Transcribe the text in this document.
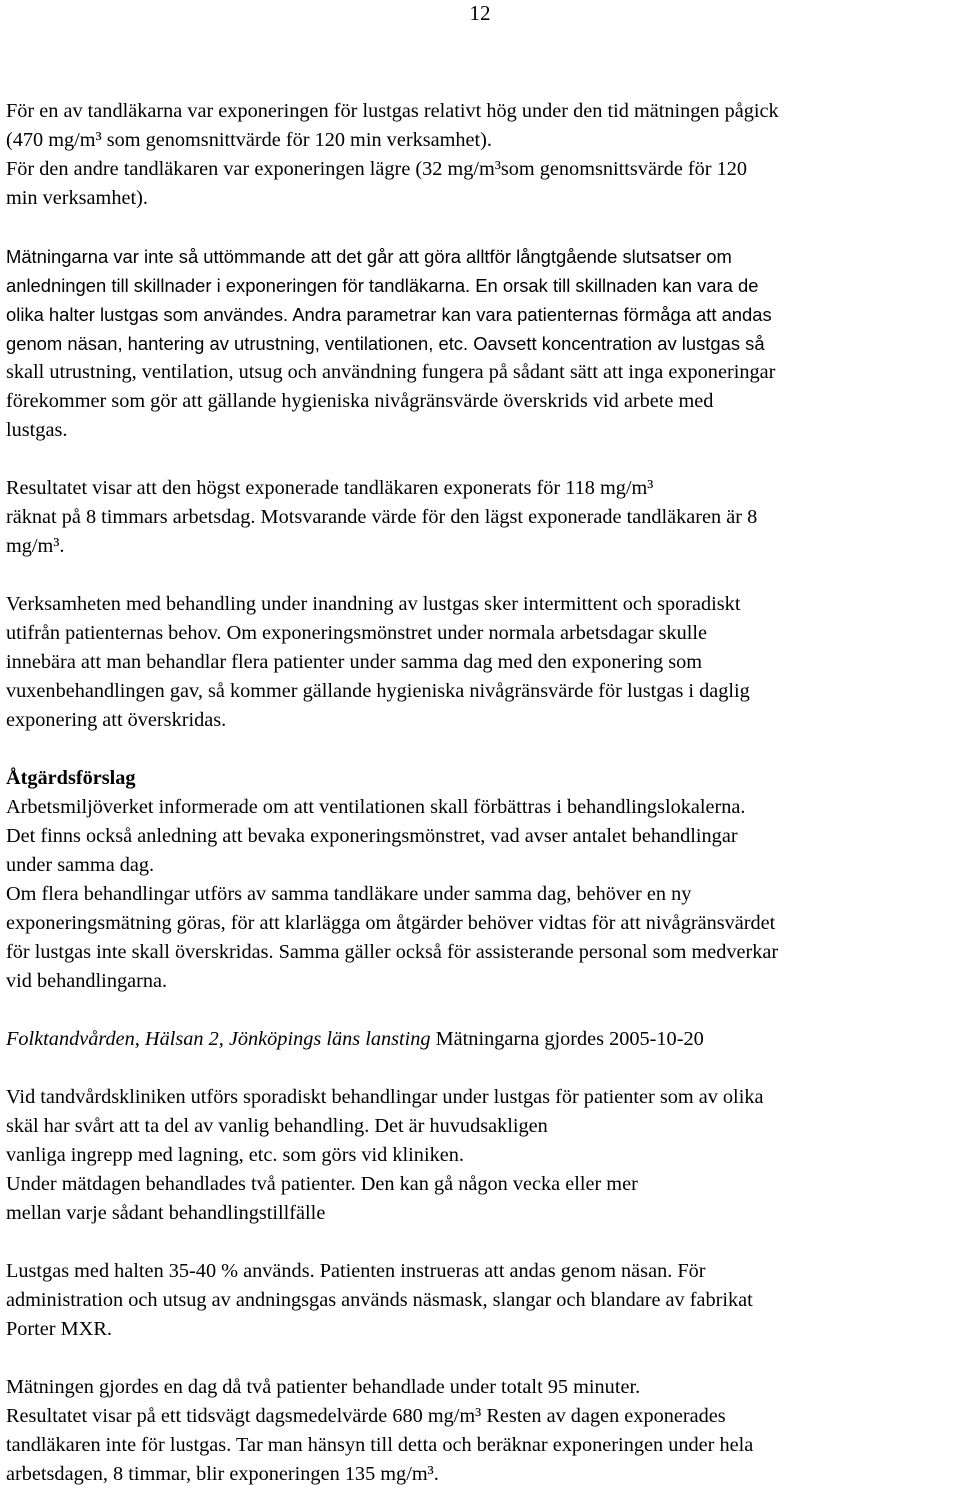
12

För en av tandläkarna var exponeringen för lustgas relativt hög under den tid mätningen pågick
(470 mg/m³ som genomsnittvärde för 120 min verksamhet).
För den andre tandläkaren var exponeringen lägre (32 mg/m³som genomsnittsvärde för 120
min verksamhet).

Mätningarna var inte så uttömmande att det går att göra alltför långtgående slutsatser om
anledningen till skillnader i exponeringen för tandläkarna. En orsak till skillnaden kan vara de
olika halter lustgas som användes. Andra parametrar kan vara patienternas förmåga att andas
genom näsan, hantering av utrustning, ventilationen, etc. Oavsett koncentration av lustgas så
skall utrustning, ventilation, utsug och användning fungera på sådant sätt att inga exponeringar
förekommer som gör att gällande hygieniska nivågränsvärde överskrids vid arbete med
lustgas.

Resultatet visar att den högst exponerade tandläkaren exponerats för 118 mg/m³
räknat på 8 timmars arbetsdag. Motsvarande värde för den lägst exponerade tandläkaren är 8
mg/m³.

Verksamheten med behandling under inandning av lustgas sker intermittent och sporadiskt
utifrån patienternas behov. Om exponeringsmönstret under normala arbetsdagar skulle
innebära att man behandlar flera patienter under samma dag med den exponering som
vuxenbehandlingen gav, så kommer gällande hygieniska nivågränsvärde för lustgas i daglig
exponering att överskridas.

Åtgärdsförslag

Arbetsmiljöverket informerade om att ventilationen skall förbättras i behandlingslokalerna.
Det finns också anledning att bevaka exponeringsmönstret, vad avser antalet behandlingar
under samma dag.
Om flera behandlingar utförs av samma tandläkare under samma dag, behöver en ny
exponeringsmätning göras, för att klarlägga om åtgärder behöver vidtas för att nivågränsvärdet
för lustgas inte skall överskridas. Samma gäller också för assisterande personal som medverkar
vid behandlingarna.

Folktandvården, Hälsan 2, Jönköpings läns lansting Mätningarna gjordes 2005-10-20

Vid tandvårdskliniken utförs sporadiskt behandlingar under lustgas för patienter som av olika
skäl har svårt att ta del av vanlig behandling. Det är huvudsakligen
vanliga ingrepp med lagning, etc. som görs vid kliniken.
Under mätdagen behandlades två patienter. Den kan gå någon vecka eller mer
mellan varje sådant behandlingstillfälle

Lustgas med halten 35-40 % används. Patienten instrueras att andas genom näsan. För
administration och utsug av andningsgas används näsmask, slangar och blandare av fabrikat
Porter MXR.

Mätningen gjordes en dag då två patienter behandlade under totalt 95 minuter.
Resultatet visar på ett tidsvägt dagsmedelvärde 680 mg/m³ Resten av dagen exponerades
tandläkaren inte för lustgas. Tar man hänsyn till detta och beräknar exponeringen under hela
arbetsdagen, 8 timmar, blir exponeringen 135 mg/m³.
